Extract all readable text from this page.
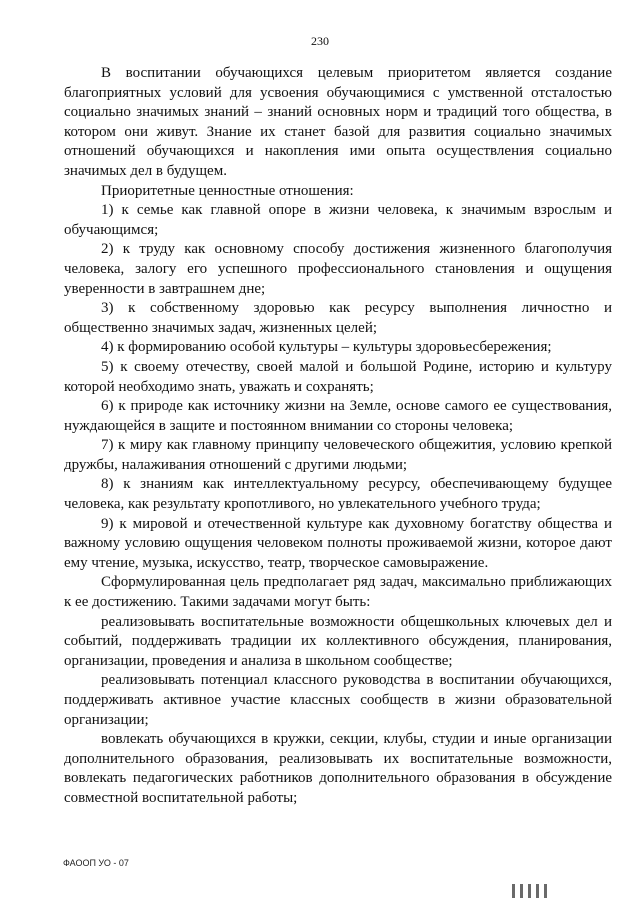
230

В воспитании обучающихся целевым приоритетом является создание благоприятных условий для усвоения обучающимися с умственной отсталостью социально значимых знаний – знаний основных норм и традиций того общества, в котором они живут. Знание их станет базой для развития социально значимых отношений обучающихся и накопления ими опыта осуществления социально значимых дел в будущем.

Приоритетные ценностные отношения:

1) к семье как главной опоре в жизни человека, к значимым взрослым и обучающимся;

2) к труду как основному способу достижения жизненного благополучия человека, залогу его успешного профессионального становления и ощущения уверенности в завтрашнем дне;

3) к собственному здоровью как ресурсу выполнения личностно и общественно значимых задач, жизненных целей;

4) к формированию особой культуры – культуры здоровьесбережения;

5) к своему отечеству, своей малой и большой Родине, историю и культуру которой необходимо знать, уважать и сохранять;

6) к природе как источнику жизни на Земле, основе самого ее существования, нуждающейся в защите и постоянном внимании со стороны человека;

7) к миру как главному принципу человеческого общежития, условию крепкой дружбы, налаживания отношений с другими людьми;

8) к знаниям как интеллектуальному ресурсу, обеспечивающему будущее человека, как результату кропотливого, но увлекательного учебного труда;

9) к мировой и отечественной культуре как духовному богатству общества и важному условию ощущения человеком полноты проживаемой жизни, которое дают ему чтение, музыка, искусство, театр, творческое самовыражение.

Сформулированная цель предполагает ряд задач, максимально приближающих к ее достижению. Такими задачами могут быть:

реализовывать воспитательные возможности общешкольных ключевых дел и событий, поддерживать традиции их коллективного обсуждения, планирования, организации, проведения и анализа в школьном сообществе;

реализовывать потенциал классного руководства в воспитании обучающихся, поддерживать активное участие классных сообществ в жизни образовательной организации;

вовлекать обучающихся в кружки, секции, клубы, студии и иные организации дополнительного образования, реализовывать их воспитательные возможности, вовлекать педагогических работников дополнительного образования в обсуждение совместной воспитательной работы;

ФАООП УО - 07
